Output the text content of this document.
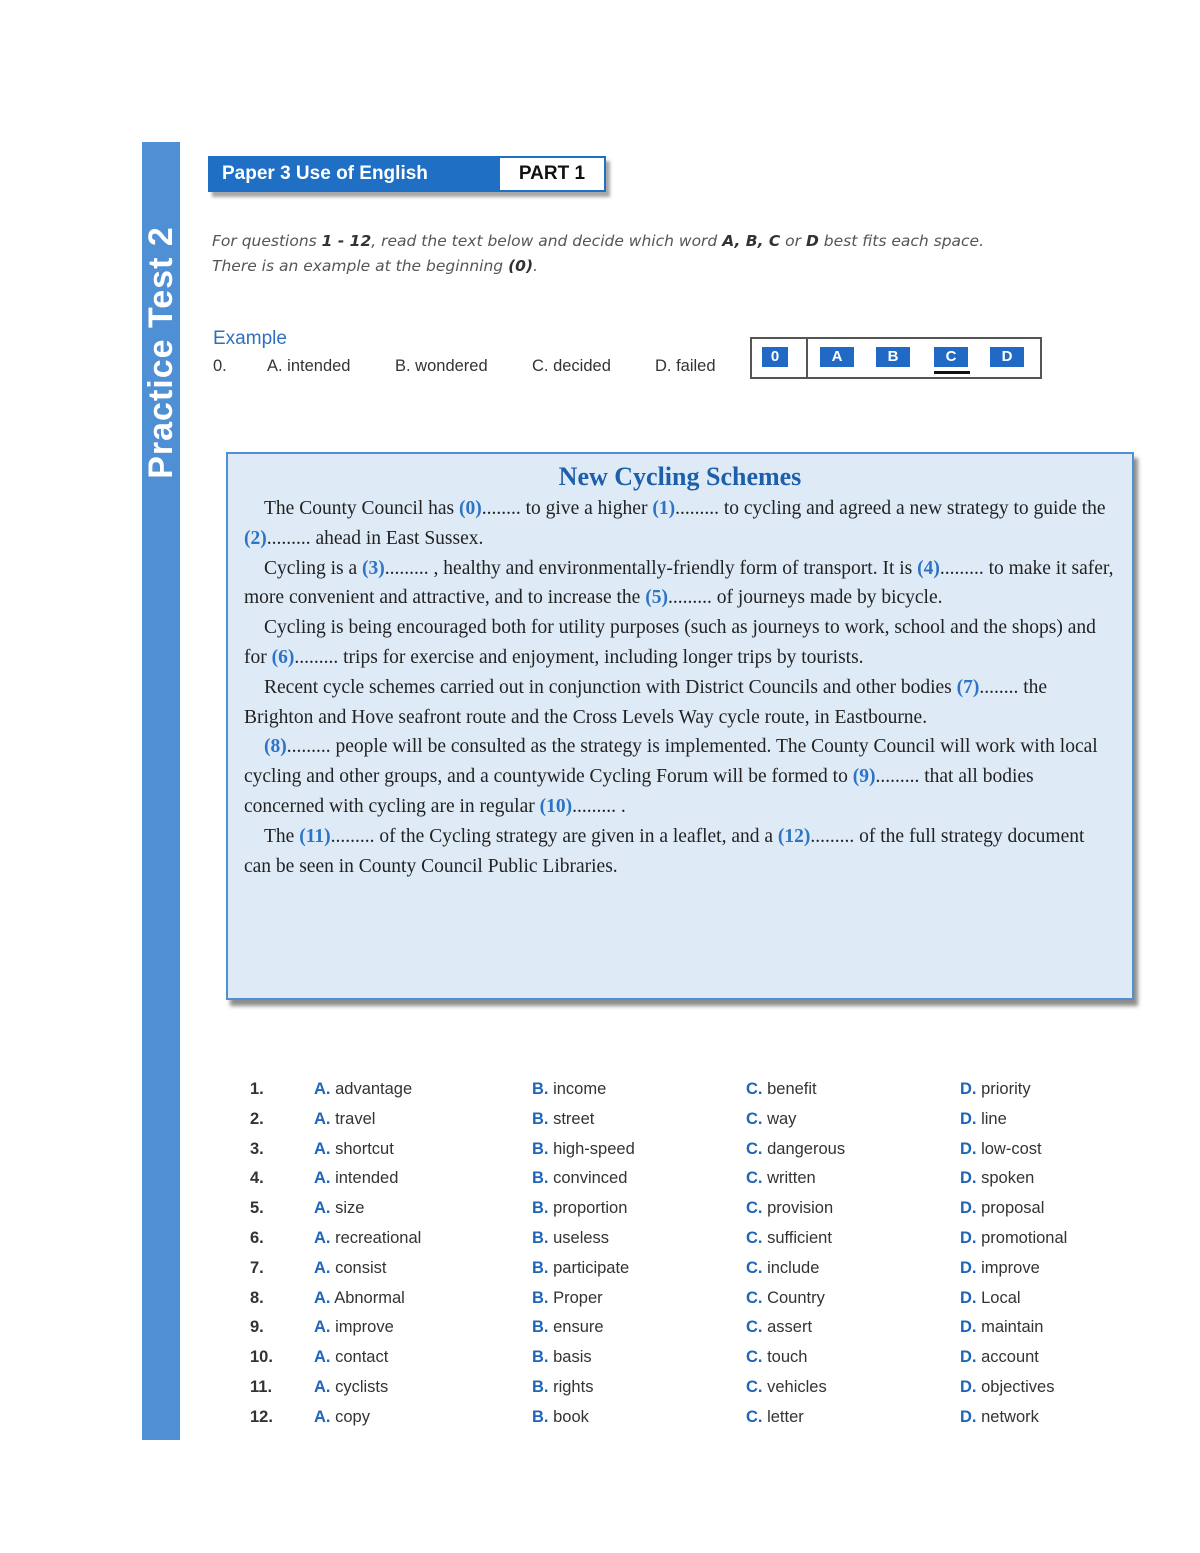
Practice Test 2
Paper 3 Use of English	PART 1
For questions 1 - 12, read the text below and decide which word A, B, C or D best fits each space.
There is an example at the beginning (0).
Example
0. A. intended	B. wondered	C. decided	D. failed
0	A	B	C	D
New Cycling Schemes

The County Council has (0)........ to give a higher (1)......... to cycling and agreed a new strategy to guide the (2)......... ahead in East Sussex.

Cycling is a (3)......... , healthy and environmentally-friendly form of transport. It is (4)......... to make it safer, more convenient and attractive, and to increase the (5)......... of journeys made by bicycle.

Cycling is being encouraged both for utility purposes (such as journeys to work, school and the shops) and for (6)......... trips for exercise and enjoyment, including longer trips by tourists.

Recent cycle schemes carried out in conjunction with District Councils and other bodies (7)........ the Brighton and Hove seafront route and the Cross Levels Way cycle route, in Eastbourne.

(8)......... people will be consulted as the strategy is implemented. The County Council will work with local cycling and other groups, and a countywide Cycling Forum will be formed to (9)......... that all bodies concerned with cycling are in regular (10)......... .

The (11)......... of the Cycling strategy are given in a leaflet, and a (12)......... of the full strategy document can be seen in County Council Public Libraries.

1.	A. advantage	B. income	C. benefit	D. priority
2.	A. travel	B. street	C. way	D. line
3.	A. shortcut	B. high-speed	C. dangerous	D. low-cost
4.	A. intended	B. convinced	C. written	D. spoken
5.	A. size	B. proportion	C. provision	D. proposal
6.	A. recreational	B. useless	C. sufficient	D. promotional
7.	A. consist	B. participate	C. include	D. improve
8.	A. Abnormal	B. Proper	C. Country	D. Local
9.	A. improve	B. ensure	C. assert	D. maintain
10.	A. contact	B. basis	C. touch	D. account
11.	A. cyclists	B. rights	C. vehicles	D. objectives
12.	A. copy	B. book	C. letter	D. network
